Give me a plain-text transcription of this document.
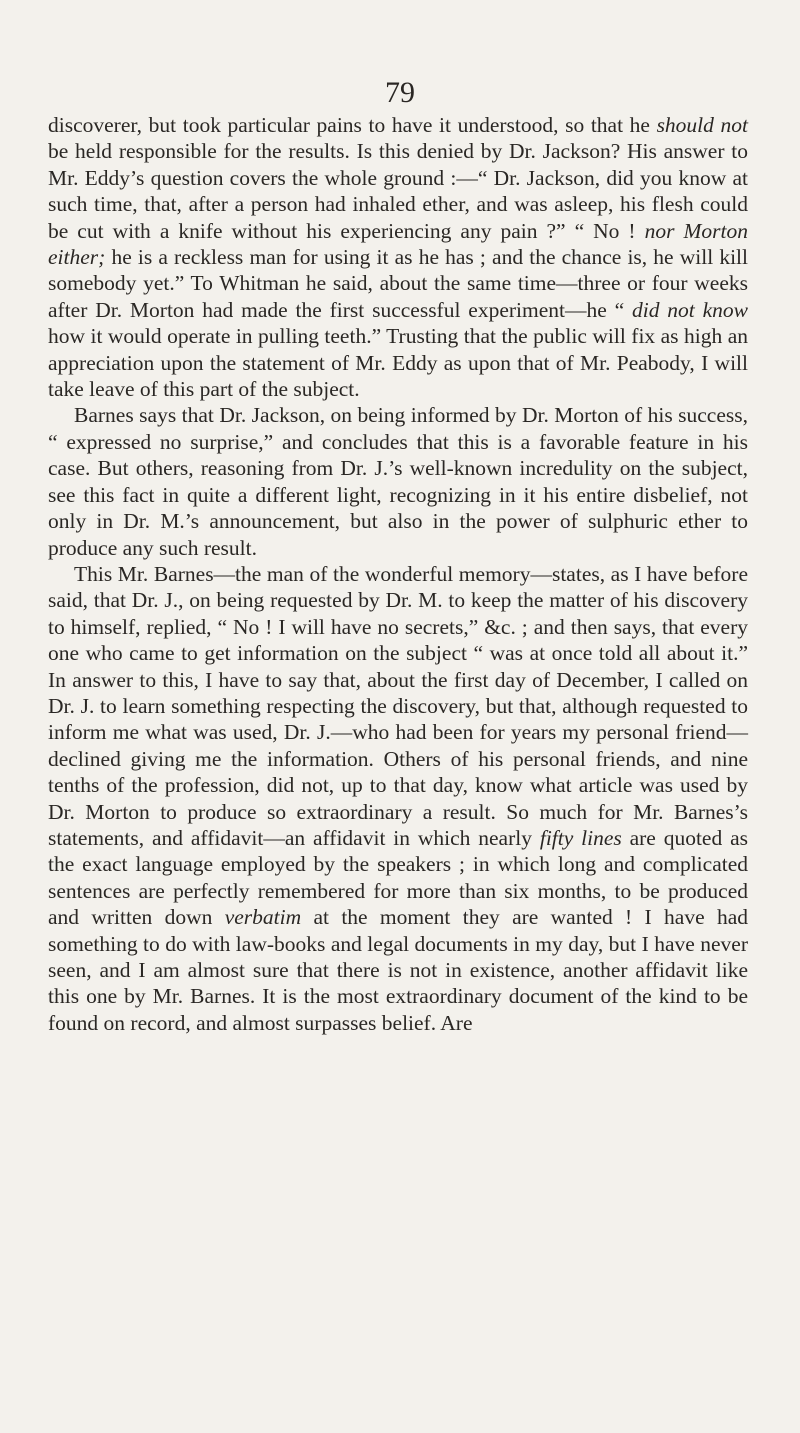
79

discoverer, but took particular pains to have it understood, so that he should not be held responsible for the results. Is this denied by Dr. Jackson? His answer to Mr. Eddy’s question covers the whole ground :—“ Dr. Jackson, did you know at such time, that, after a person had inhaled ether, and was asleep, his flesh could be cut with a knife without his experiencing any pain ?” “ No ! nor Morton either; he is a reckless man for using it as he has ; and the chance is, he will kill somebody yet.” To Whitman he said, about the same time—three or four weeks after Dr. Morton had made the first successful experiment—he “ did not know how it would operate in pulling teeth.” Trusting that the public will fix as high an appreciation upon the statement of Mr. Eddy as upon that of Mr. Peabody, I will take leave of this part of the subject.

Barnes says that Dr. Jackson, on being informed by Dr. Morton of his success, “ expressed no surprise,” and concludes that this is a favorable feature in his case. But others, reasoning from Dr. J.’s well-known incredulity on the subject, see this fact in quite a different light, recognizing in it his entire disbelief, not only in Dr. M.’s announcement, but also in the power of sulphuric ether to produce any such result.

This Mr. Barnes—the man of the wonderful memory—states, as I have before said, that Dr. J., on being requested by Dr. M. to keep the matter of his discovery to himself, replied, “ No ! I will have no secrets,” &c. ; and then says, that every one who came to get information on the subject “ was at once told all about it.” In answer to this, I have to say that, about the first day of December, I called on Dr. J. to learn something respecting the discovery, but that, although requested to inform me what was used, Dr. J.—who had been for years my personal friend—declined giving me the information. Others of his personal friends, and nine tenths of the profession, did not, up to that day, know what article was used by Dr. Morton to produce so extraordinary a result. So much for Mr. Barnes’s statements, and affidavit—an affidavit in which nearly fifty lines are quoted as the exact language employed by the speakers ; in which long and complicated sentences are perfectly remembered for more than six months, to be produced and written down verbatim at the moment they are wanted ! I have had something to do with law-books and legal documents in my day, but I have never seen, and I am almost sure that there is not in existence, another affidavit like this one by Mr. Barnes. It is the most extraordinary document of the kind to be found on record, and almost surpasses belief. Are
